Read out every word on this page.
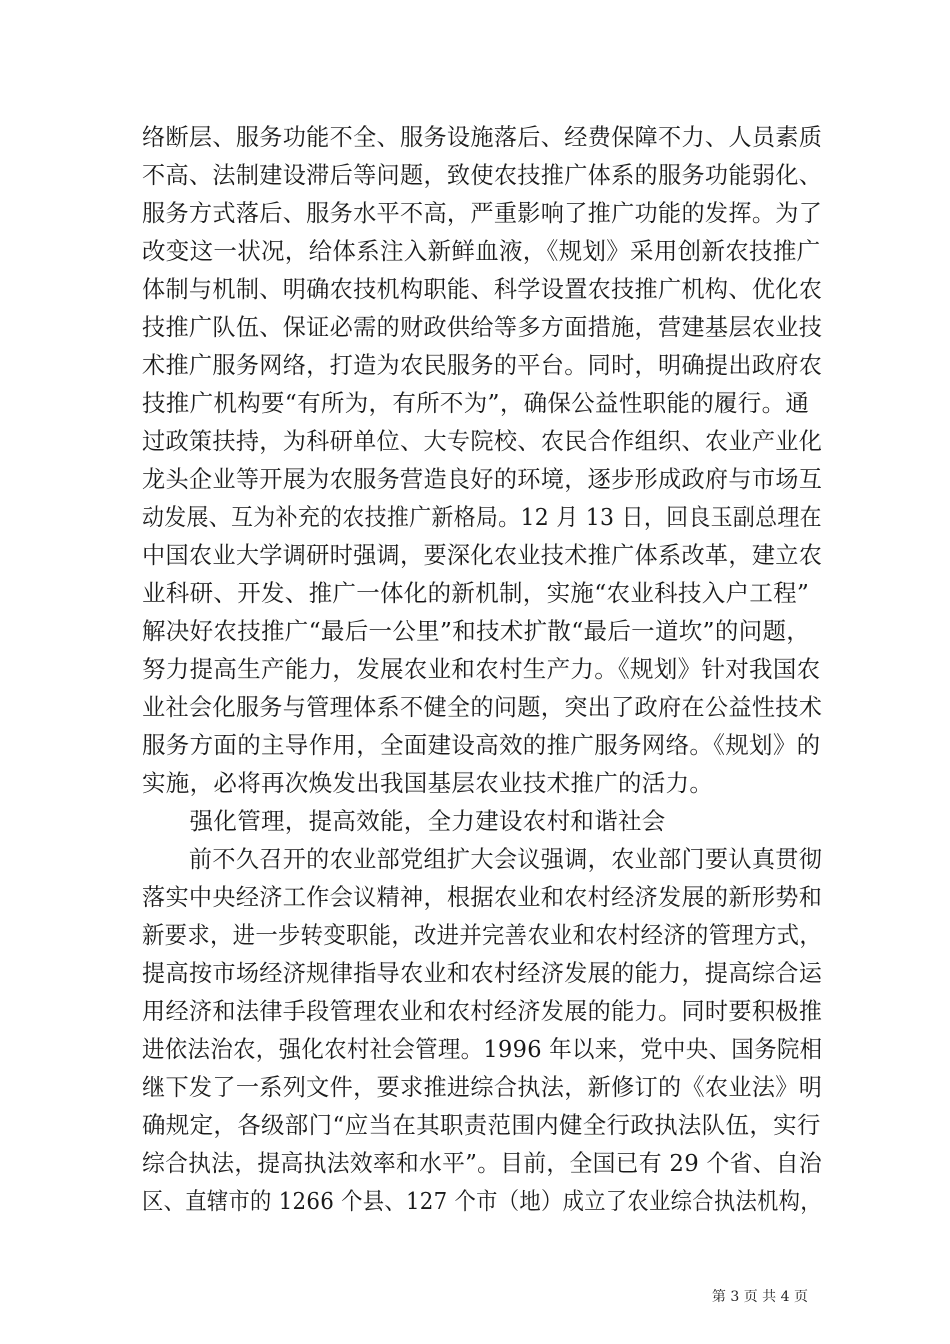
络断层、服务功能不全、服务设施落后、经费保障不力、人员素质
不高、法制建设滞后等问题，致使农技推广体系的服务功能弱化、
服务方式落后、服务水平不高，严重影响了推广功能的发挥。为了
改变这一状况，给体系注入新鲜血液，《规划》采用创新农技推广
体制与机制、明确农技机构职能、科学设置农技推广机构、优化农
技推广队伍、保证必需的财政供给等多方面措施，营建基层农业技
术推广服务网络，打造为农民服务的平台。同时，明确提出政府农
技推广机构要“有所为，有所不为”，确保公益性职能的履行。通
过政策扶持，为科研单位、大专院校、农民合作组织、农业产业化
龙头企业等开展为农服务营造良好的环境，逐步形成政府与市场互
动发展、互为补充的农技推广新格局。12 月 13 日，回良玉副总理在
中国农业大学调研时强调，要深化农业技术推广体系改革，建立农
业科研、开发、推广一体化的新机制，实施“农业科技入户工程”
解决好农技推广“最后一公里”和技术扩散“最后一道坎”的问题，
努力提高生产能力，发展农业和农村生产力。《规划》针对我国农
业社会化服务与管理体系不健全的问题，突出了政府在公益性技术
服务方面的主导作用，全面建设高效的推广服务网络。《规划》的
实施，必将再次焕发出我国基层农业技术推广的活力。
　　强化管理，提高效能，全力建设农村和谐社会
　　前不久召开的农业部党组扩大会议强调，农业部门要认真贯彻
落实中央经济工作会议精神，根据农业和农村经济发展的新形势和
新要求，进一步转变职能，改进并完善农业和农村经济的管理方式，
提高按市场经济规律指导农业和农村经济发展的能力，提高综合运
用经济和法律手段管理农业和农村经济发展的能力。同时要积极推
进依法治农，强化农村社会管理。1996 年以来，党中央、国务院相
继下发了一系列文件，要求推进综合执法，新修订的《农业法》明
确规定，各级部门“应当在其职责范围内健全行政执法队伍，实行
综合执法，提高执法效率和水平”。目前，全国已有 29 个省、自治
区、直辖市的 1266 个县、127 个市（地）成立了农业综合执法机构，
第 3 页 共 4 页
